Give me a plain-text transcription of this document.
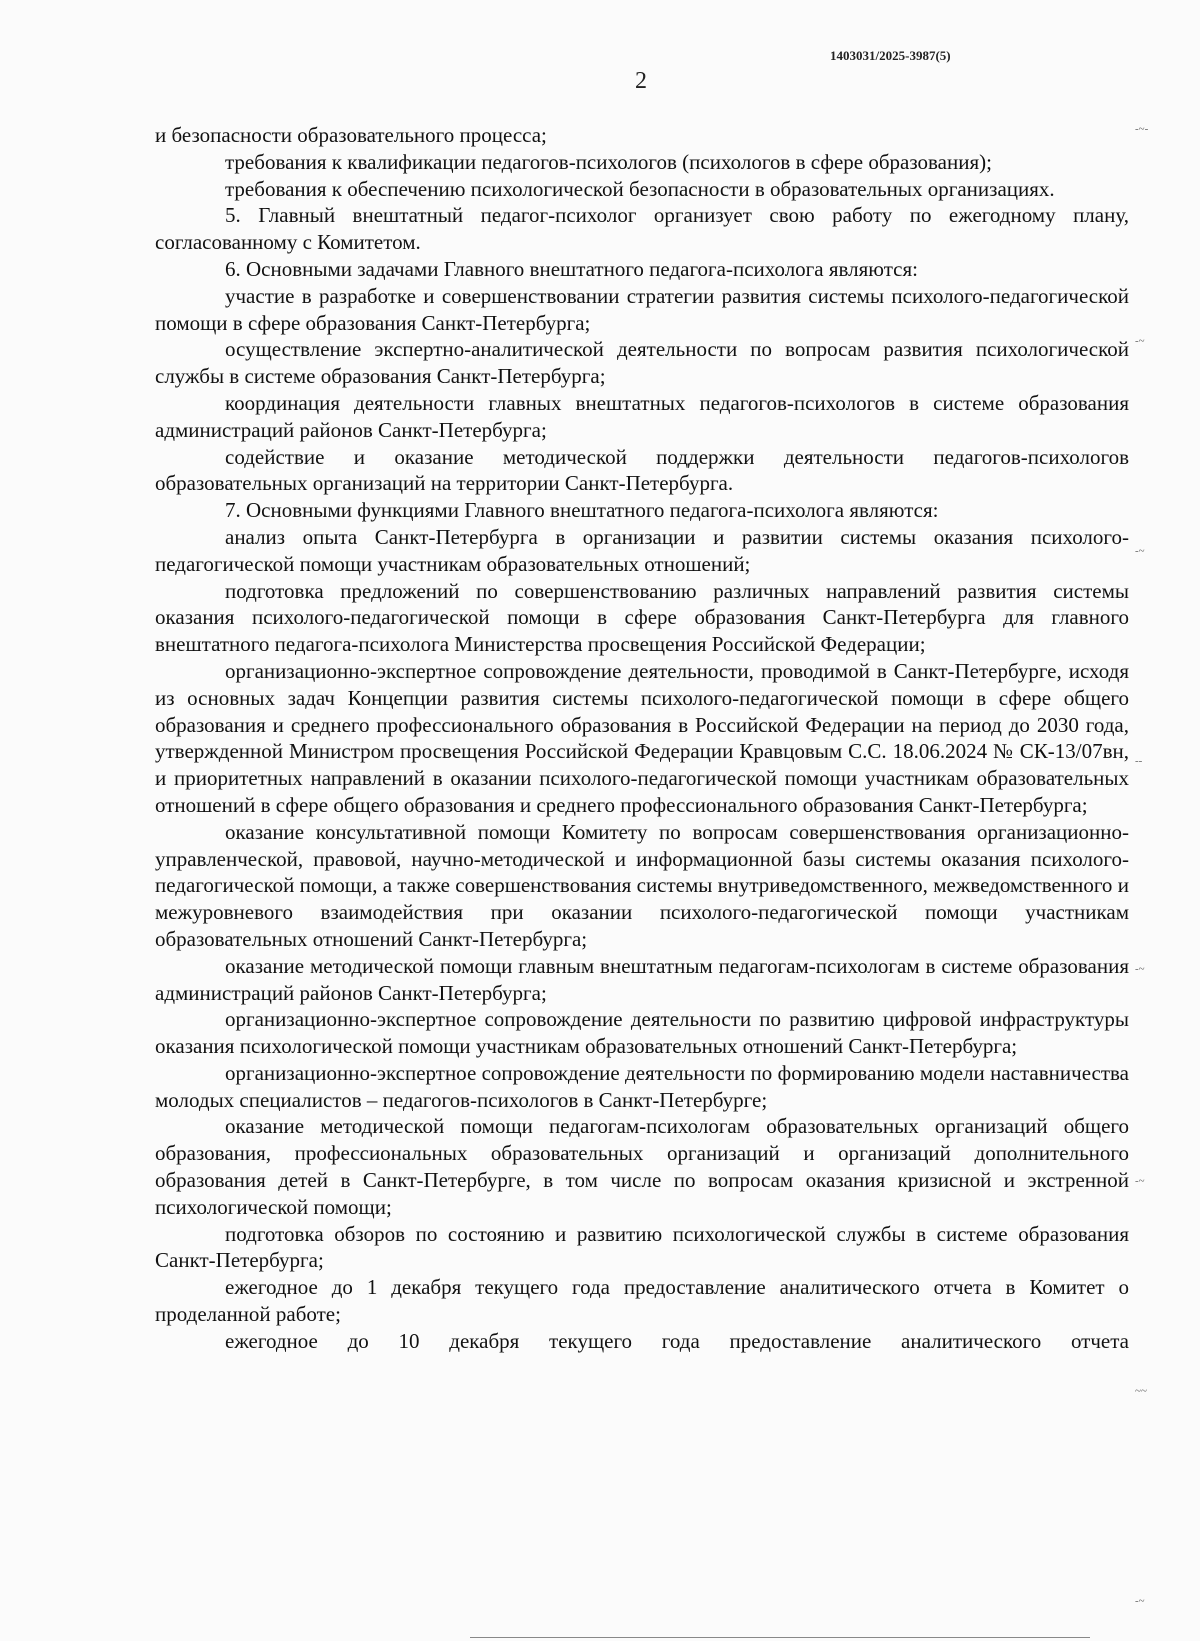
1403031/2025-3987(5)
2

и безопасности образовательного процесса;

требования к квалификации педагогов-психологов (психологов в сфере образования);

требования к обеспечению психологической безопасности в образовательных организациях.

5. Главный внештатный педагог-психолог организует свою работу по ежегодному плану, согласованному с Комитетом.

6. Основными задачами Главного внештатного педагога-психолога являются:

участие в разработке и совершенствовании стратегии развития системы психолого-педагогической помощи в сфере образования Санкт-Петербурга;

осуществление экспертно-аналитической деятельности по вопросам развития психологической службы в системе образования Санкт-Петербурга;

координация деятельности главных внештатных педагогов-психологов в системе образования администраций районов Санкт-Петербурга;

содействие и оказание методической поддержки деятельности педагогов-психологов образовательных организаций на территории Санкт-Петербурга.

7. Основными функциями Главного внештатного педагога-психолога являются:

анализ опыта Санкт-Петербурга в организации и развитии системы оказания психолого-педагогической помощи участникам образовательных отношений;

подготовка предложений по совершенствованию различных направлений развития системы оказания психолого-педагогической помощи в сфере образования Санкт-Петербурга для главного внештатного педагога-психолога Министерства просвещения Российской Федерации;

организационно-экспертное сопровождение деятельности, проводимой в Санкт-Петербурге, исходя из основных задач Концепции развития системы психолого-педагогической помощи в сфере общего образования и среднего профессионального образования в Российской Федерации на период до 2030 года, утвержденной Министром просвещения Российской Федерации Кравцовым С.С. 18.06.2024 № СК-13/07вн, и приоритетных направлений в оказании психолого-педагогической помощи участникам образовательных отношений в сфере общего образования и среднего профессионального образования Санкт-Петербурга;

оказание консультативной помощи Комитету по вопросам совершенствования организационно-управленческой, правовой, научно-методической и информационной базы системы оказания психолого-педагогической помощи, а также совершенствования системы внутриведомственного, межведомственного и межуровневого взаимодействия при оказании психолого-педагогической помощи участникам образовательных отношений Санкт-Петербурга;

оказание методической помощи главным внештатным педагогам-психологам в системе образования администраций районов Санкт-Петербурга;

организационно-экспертное сопровождение деятельности по развитию цифровой инфраструктуры оказания психологической помощи участникам образовательных отношений Санкт-Петербурга;

организационно-экспертное сопровождение деятельности по формированию модели наставничества молодых специалистов – педагогов-психологов в Санкт-Петербурге;

оказание методической помощи педагогам-психологам образовательных организаций общего образования, профессиональных образовательных организаций и организаций дополнительного образования детей в Санкт-Петербурге, в том числе по вопросам оказания кризисной и экстренной психологической помощи;

подготовка обзоров по состоянию и развитию психологической службы в системе образования Санкт-Петербурга;

ежегодное до 1 декабря текущего года предоставление аналитического отчета в Комитет о проделанной работе;

ежегодное до 10 декабря текущего года предоставление аналитического отчета

-~-
-~
-~
--
-~
-~
~~
-~
